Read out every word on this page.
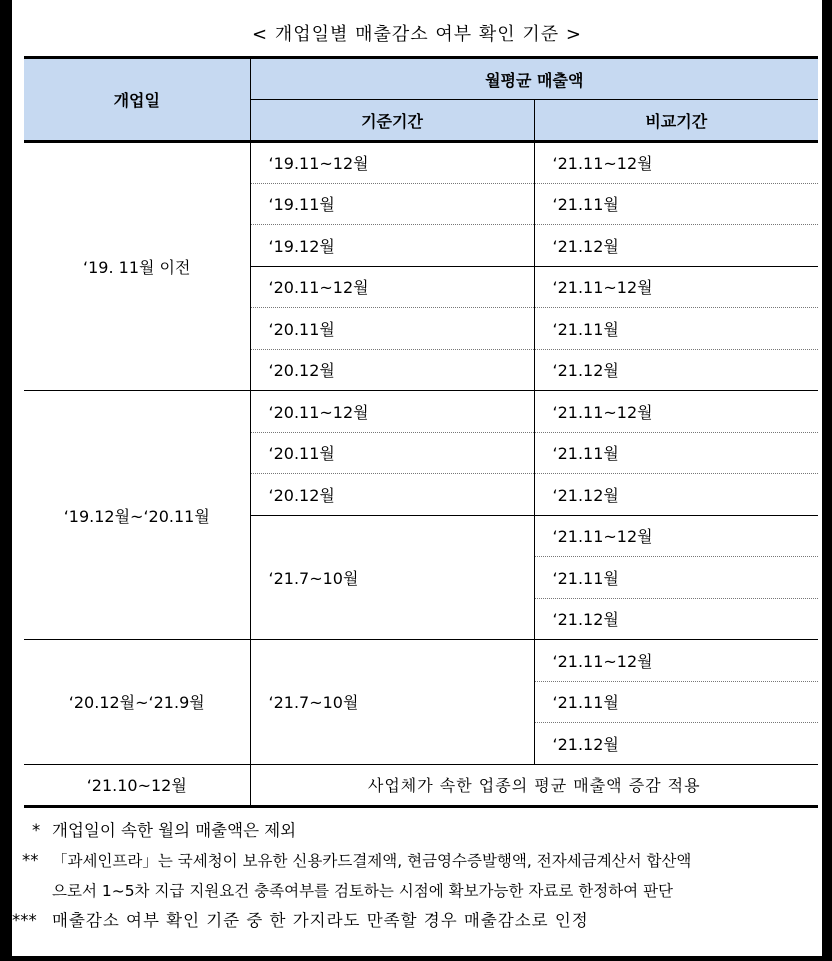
< 개업일별 매출감소 여부 확인 기준 >
개업일	월평균 매출액	
	기준기간	비교기간
‘19. 11월 이전	‘19.11~12월	‘21.11~12월
	‘19.11월	‘21.11월
	‘19.12월	‘21.12월
	‘20.11~12월	‘21.11~12월
	‘20.11월	‘21.11월
	‘20.12월	‘21.12월
‘19.12월~‘20.11월	‘20.11~12월	‘21.11~12월
	‘20.11월	‘21.11월
	‘20.12월	‘21.12월
	‘21.7~10월	‘21.11~12월
		‘21.11월
		‘21.12월
‘20.12월~‘21.9월	‘21.7~10월	‘21.11~12월
		‘21.11월
		‘21.12월
‘21.10~12월	사업체가 속한 업종의 평균 매출액 증감 적용	
* 개업일이 속한 월의 매출액은 제외
** 「과세인프라」는 국세청이 보유한 신용카드결제액, 현금영수증발행액, 전자세금계산서 합산액
으로서 1~5차 지급 지원요건 충족여부를 검토하는 시점에 확보가능한 자료로 한정하여 판단
*** 매출감소 여부 확인 기준 중 한 가지라도 만족할 경우 매출감소로 인정
